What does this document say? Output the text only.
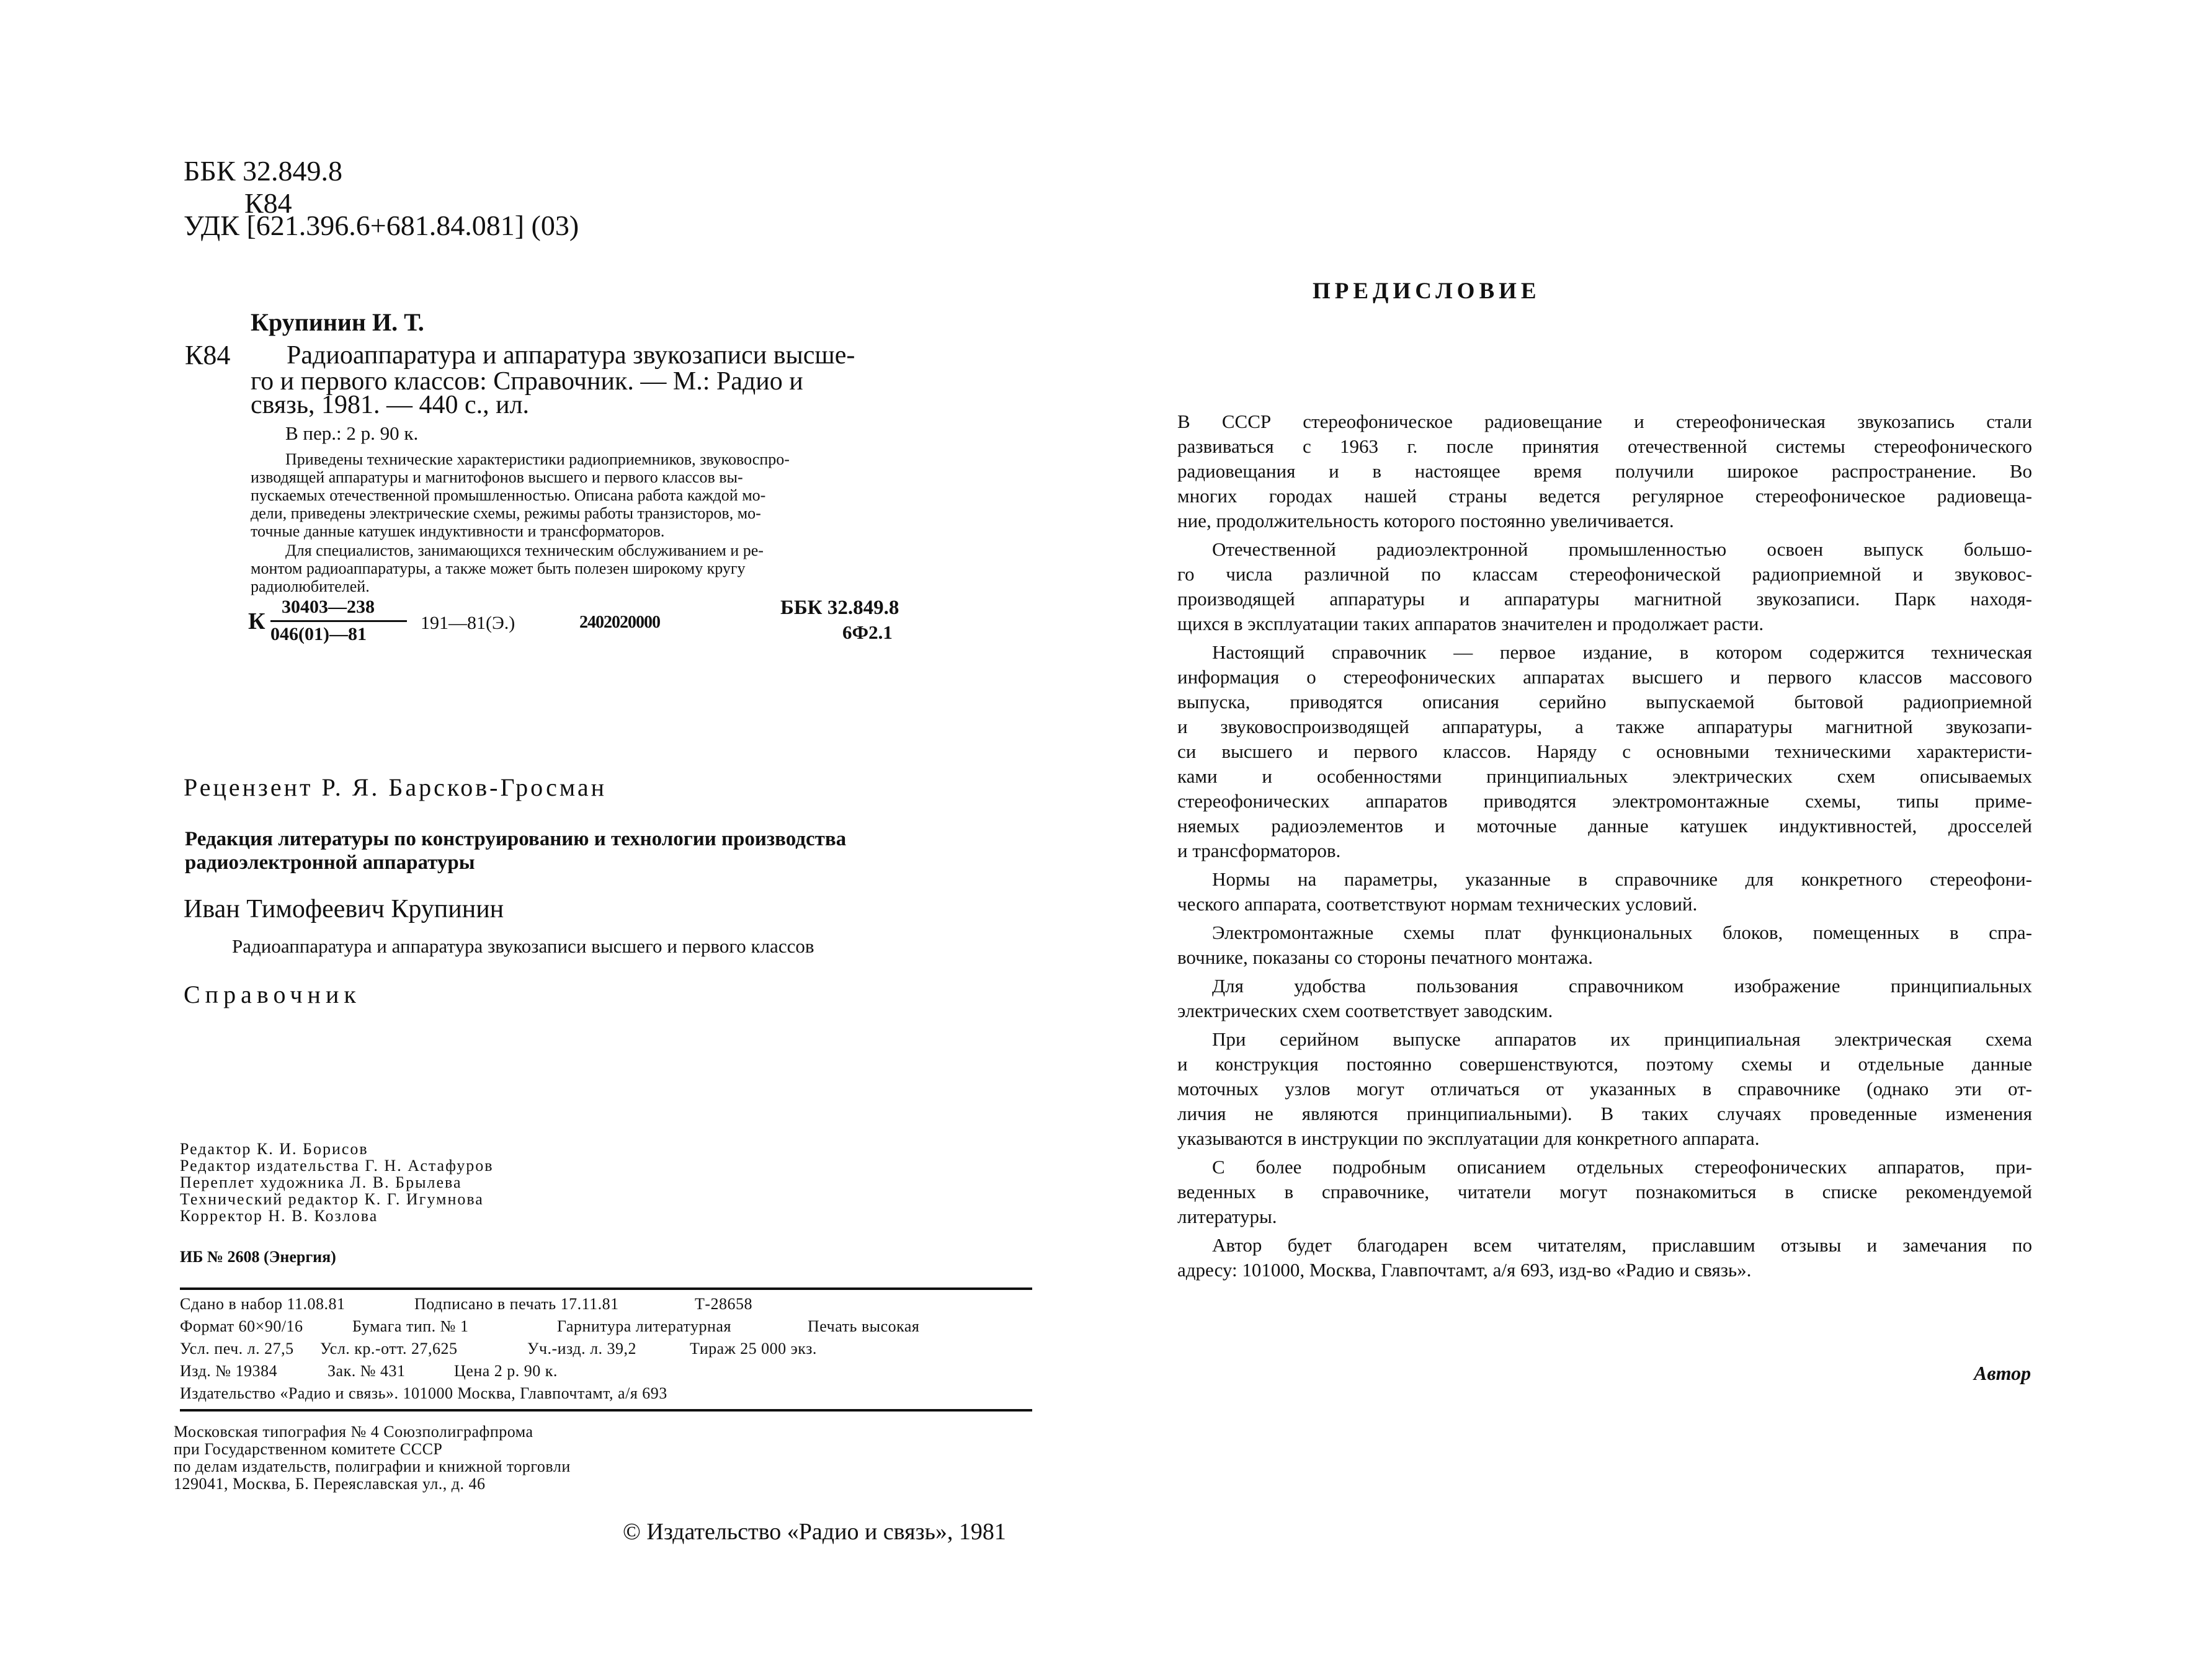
ББК 32.849.8
К84
УДК [621.396.6+681.84.081] (03)
Крупинин И. Т.
К84 Радиоаппаратура и аппаратура звукозаписи высше-
го и первого классов: Справочник. — М.: Радио и
связь, 1981. — 440 с., ил.
В пер.: 2 р. 90 к.
Приведены технические характеристики радиоприемников, звуковоспро-
изводящей аппаратуры и магнитофонов высшего и первого классов вы-
пускаемых отечественной промышленностью. Описана работа каждой мо-
дели, приведены электрические схемы, режимы работы транзисторов, мо-
точные данные катушек индуктивности и трансформаторов.
Для специалистов, занимающихся техническим обслуживанием и ре-
монтом радиоаппаратуры, а также может быть полезен широкому кругу
радиолюбителей.
К
30403—238
046(01)—81
191—81(Э.)	2402020000
ББК 32.849.8
6Ф2.1
Рецензент Р. Я. Барсков-Гросман
Редакция литературы по конструированию и технологии производства
радиоэлектронной аппаратуры
Иван Тимофеевич Крупинин
Радиоаппаратура и аппаратура звукозаписи высшего и первого классов
Справочник
Редактор К. И. Борисов
Редактор издательства Г. Н. Астафуров
Переплет художника Л. В. Брылева
Технический редактор К. Г. Игумнова
Корректор Н. В. Козлова
ИБ № 2608 (Энергия)
Сдано в набор 11.08.81	Подписано в печать 17.11.81	Т-28658
Формат 60×90/16	Бумага тип. № 1	Гарнитура литературная	Печать высокая
Усл. печ. л. 27,5 Усл. кр.-отт. 27,625	Уч.-изд. л. 39,2	Тираж 25 000 экз.
Изд. № 19384	Зак. № 431	Цена 2 р. 90 к.
Издательство «Радио и связь». 101000 Москва, Главпочтамт, а/я 693
Московская типография № 4 Союзполиграфпрома
при Государственном комитете СССР
по делам издательств, полиграфии и книжной торговли
129041, Москва, Б. Переяславская ул., д. 46
© Издательство «Радио и связь», 1981
ПРЕДИСЛОВИЕ
В СССР стереофоническое радиовещание и стереофоническая звукозапись стали
развиваться с 1963 г. после принятия отечественной системы стереофонического
радиовещания и в настоящее время получили широкое распространение. Во
многих городах нашей страны ведется регулярное стереофоническое радиовеща-
ние, продолжительность которого постоянно увеличивается.
Отечественной радиоэлектронной промышленностью освоен выпуск большо-
го числа различной по классам стереофонической радиоприемной и звуковос-
производящей аппаратуры и аппаратуры магнитной звукозаписи. Парк находя-
щихся в эксплуатации таких аппаратов значителен и продолжает расти.
Настоящий справочник — первое издание, в котором содержится техническая
информация о стереофонических аппаратах высшего и первого классов массового
выпуска, приводятся описания серийно выпускаемой бытовой радиоприемной
и звуковоспроизводящей аппаратуры, а также аппаратуры магнитной звукозапи-
си высшего и первого классов. Наряду с основными техническими характеристи-
ками и особенностями принципиальных электрических схем описываемых
стереофонических аппаратов приводятся электромонтажные схемы, типы приме-
няемых радиоэлементов и моточные данные катушек индуктивностей, дросселей
и трансформаторов.
Нормы на параметры, указанные в справочнике для конкретного стереофони-
ческого аппарата, соответствуют нормам технических условий.
Электромонтажные схемы плат функциональных блоков, помещенных в спра-
вочнике, показаны со стороны печатного монтажа.
Для удобства пользования справочником изображение принципиальных
электрических схем соответствует заводским.
При серийном выпуске аппаратов их принципиальная электрическая схема
и конструкция постоянно совершенствуются, поэтому схемы и отдельные данные
моточных узлов могут отличаться от указанных в справочнике (однако эти от-
личия не являются принципиальными). В таких случаях проведенные изменения
указываются в инструкции по эксплуатации для конкретного аппарата.
С более подробным описанием отдельных стереофонических аппаратов, при-
веденных в справочнике, читатели могут познакомиться в списке рекомендуемой
литературы.
Автор будет благодарен всем читателям, приславшим отзывы и замечания по
адресу: 101000, Москва, Главпочтамт, а/я 693, изд-во «Радио и связь».
Автор
